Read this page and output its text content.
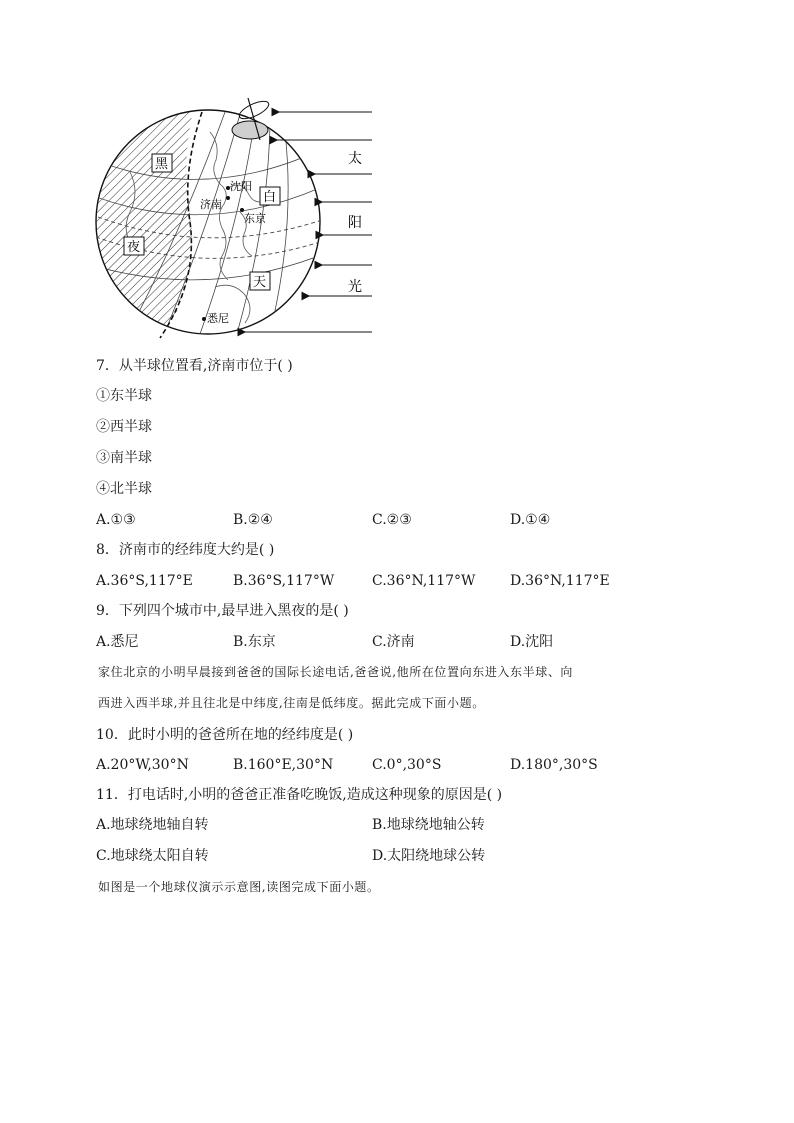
太
阳
光
黑
夜
白
天
沈阳
济南
东京
悉尼
7．从半球位置看,济南市位于( )
①东半球
②西半球
③南半球
④北半球
A.①③	B.②④	C.②③	D.①④
8．济南市的经纬度大约是( )
A.36°S,117°E	B.36°S,117°W	C.36°N,117°W D.36°N,117°E
9．下列四个城市中,最早进入黑夜的是( )
A.悉尼	B.东京	C.济南	D.沈阳
家住北京的小明早晨接到爸爸的国际长途电话,爸爸说,他所在位置向东进入东半球、向
西进入西半球,并且往北是中纬度,往南是低纬度。据此完成下面小题。
10．此时小明的爸爸所在地的经纬度是( )
A.20°W,30°N	B.160°E,30°N	C.0°,30°S	D.180°,30°S
11．打电话时,小明的爸爸正准备吃晚饭,造成这种现象的原因是( )
A.地球绕地轴自转	B.地球绕地轴公转
C.地球绕太阳自转	D.太阳绕地球公转
如图是一个地球仪演示示意图,读图完成下面小题。
